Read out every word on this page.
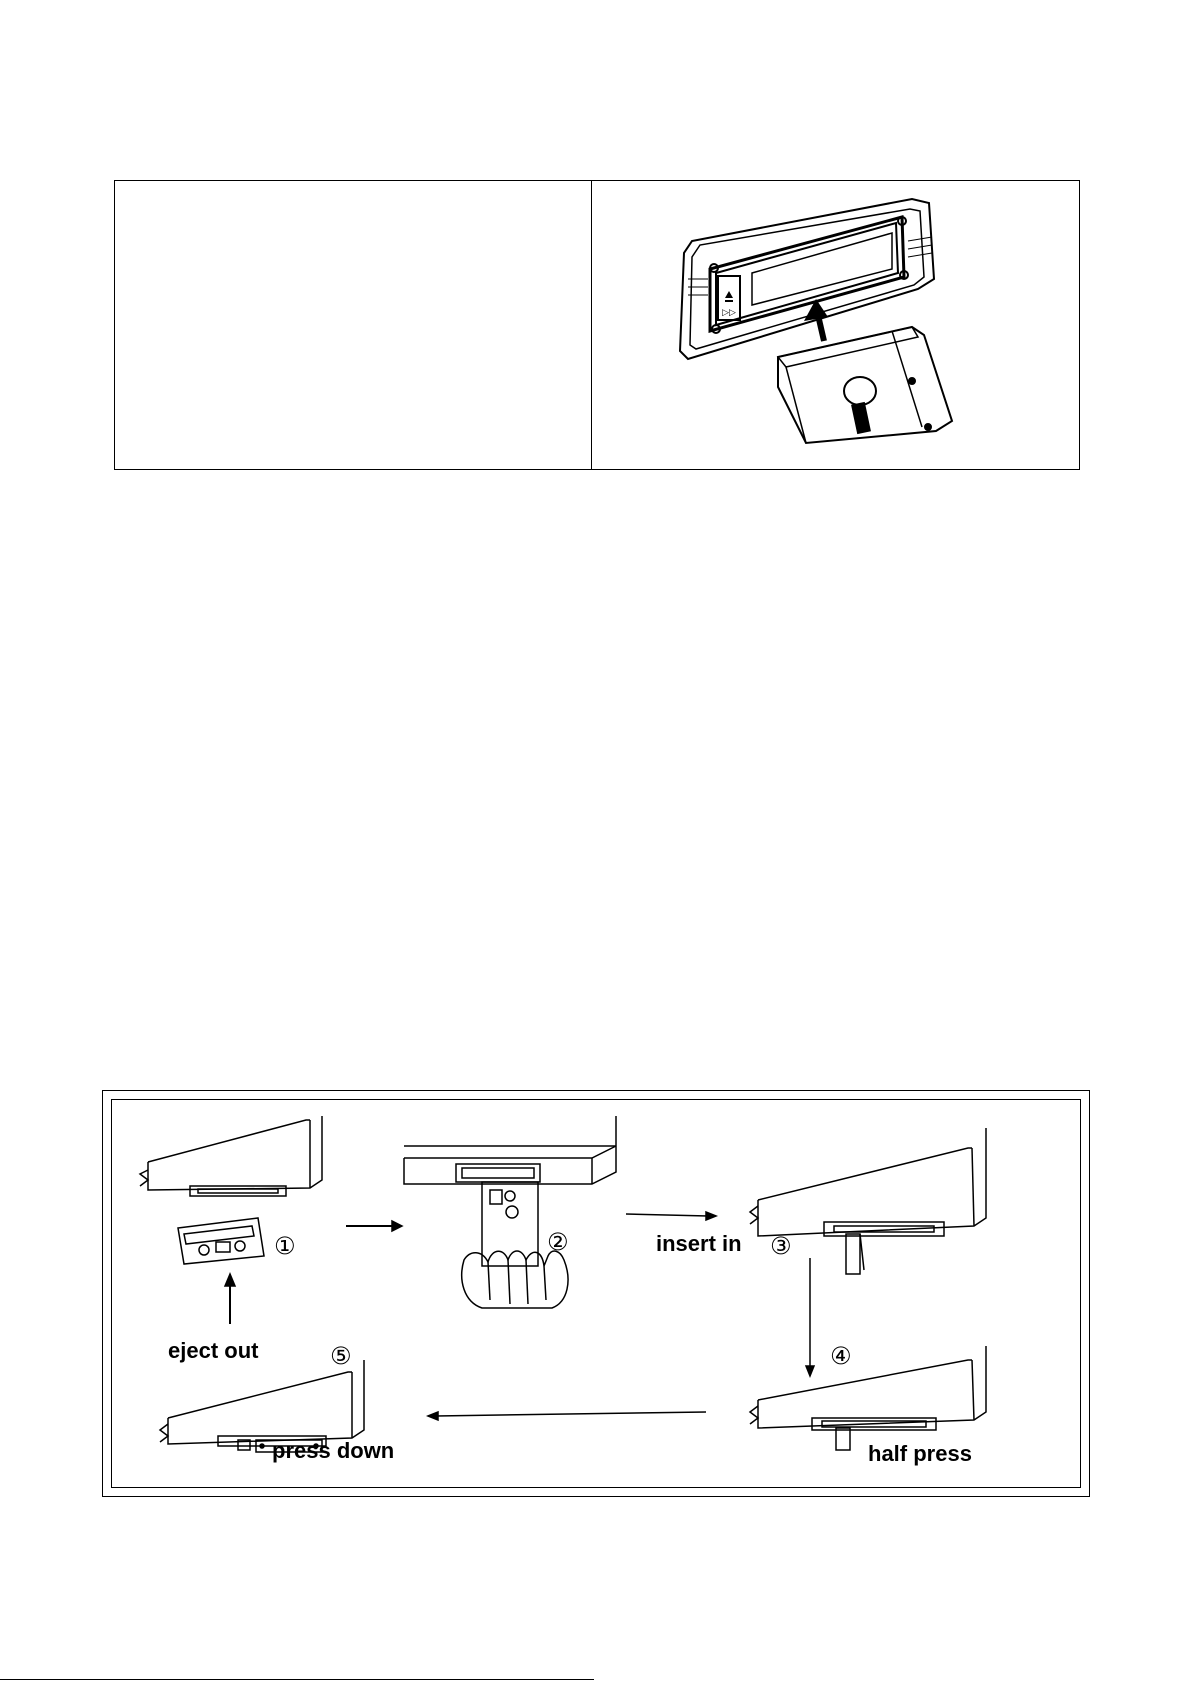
▷▷
①	②	③
④
⑤
eject out
insert in
half press
press down
